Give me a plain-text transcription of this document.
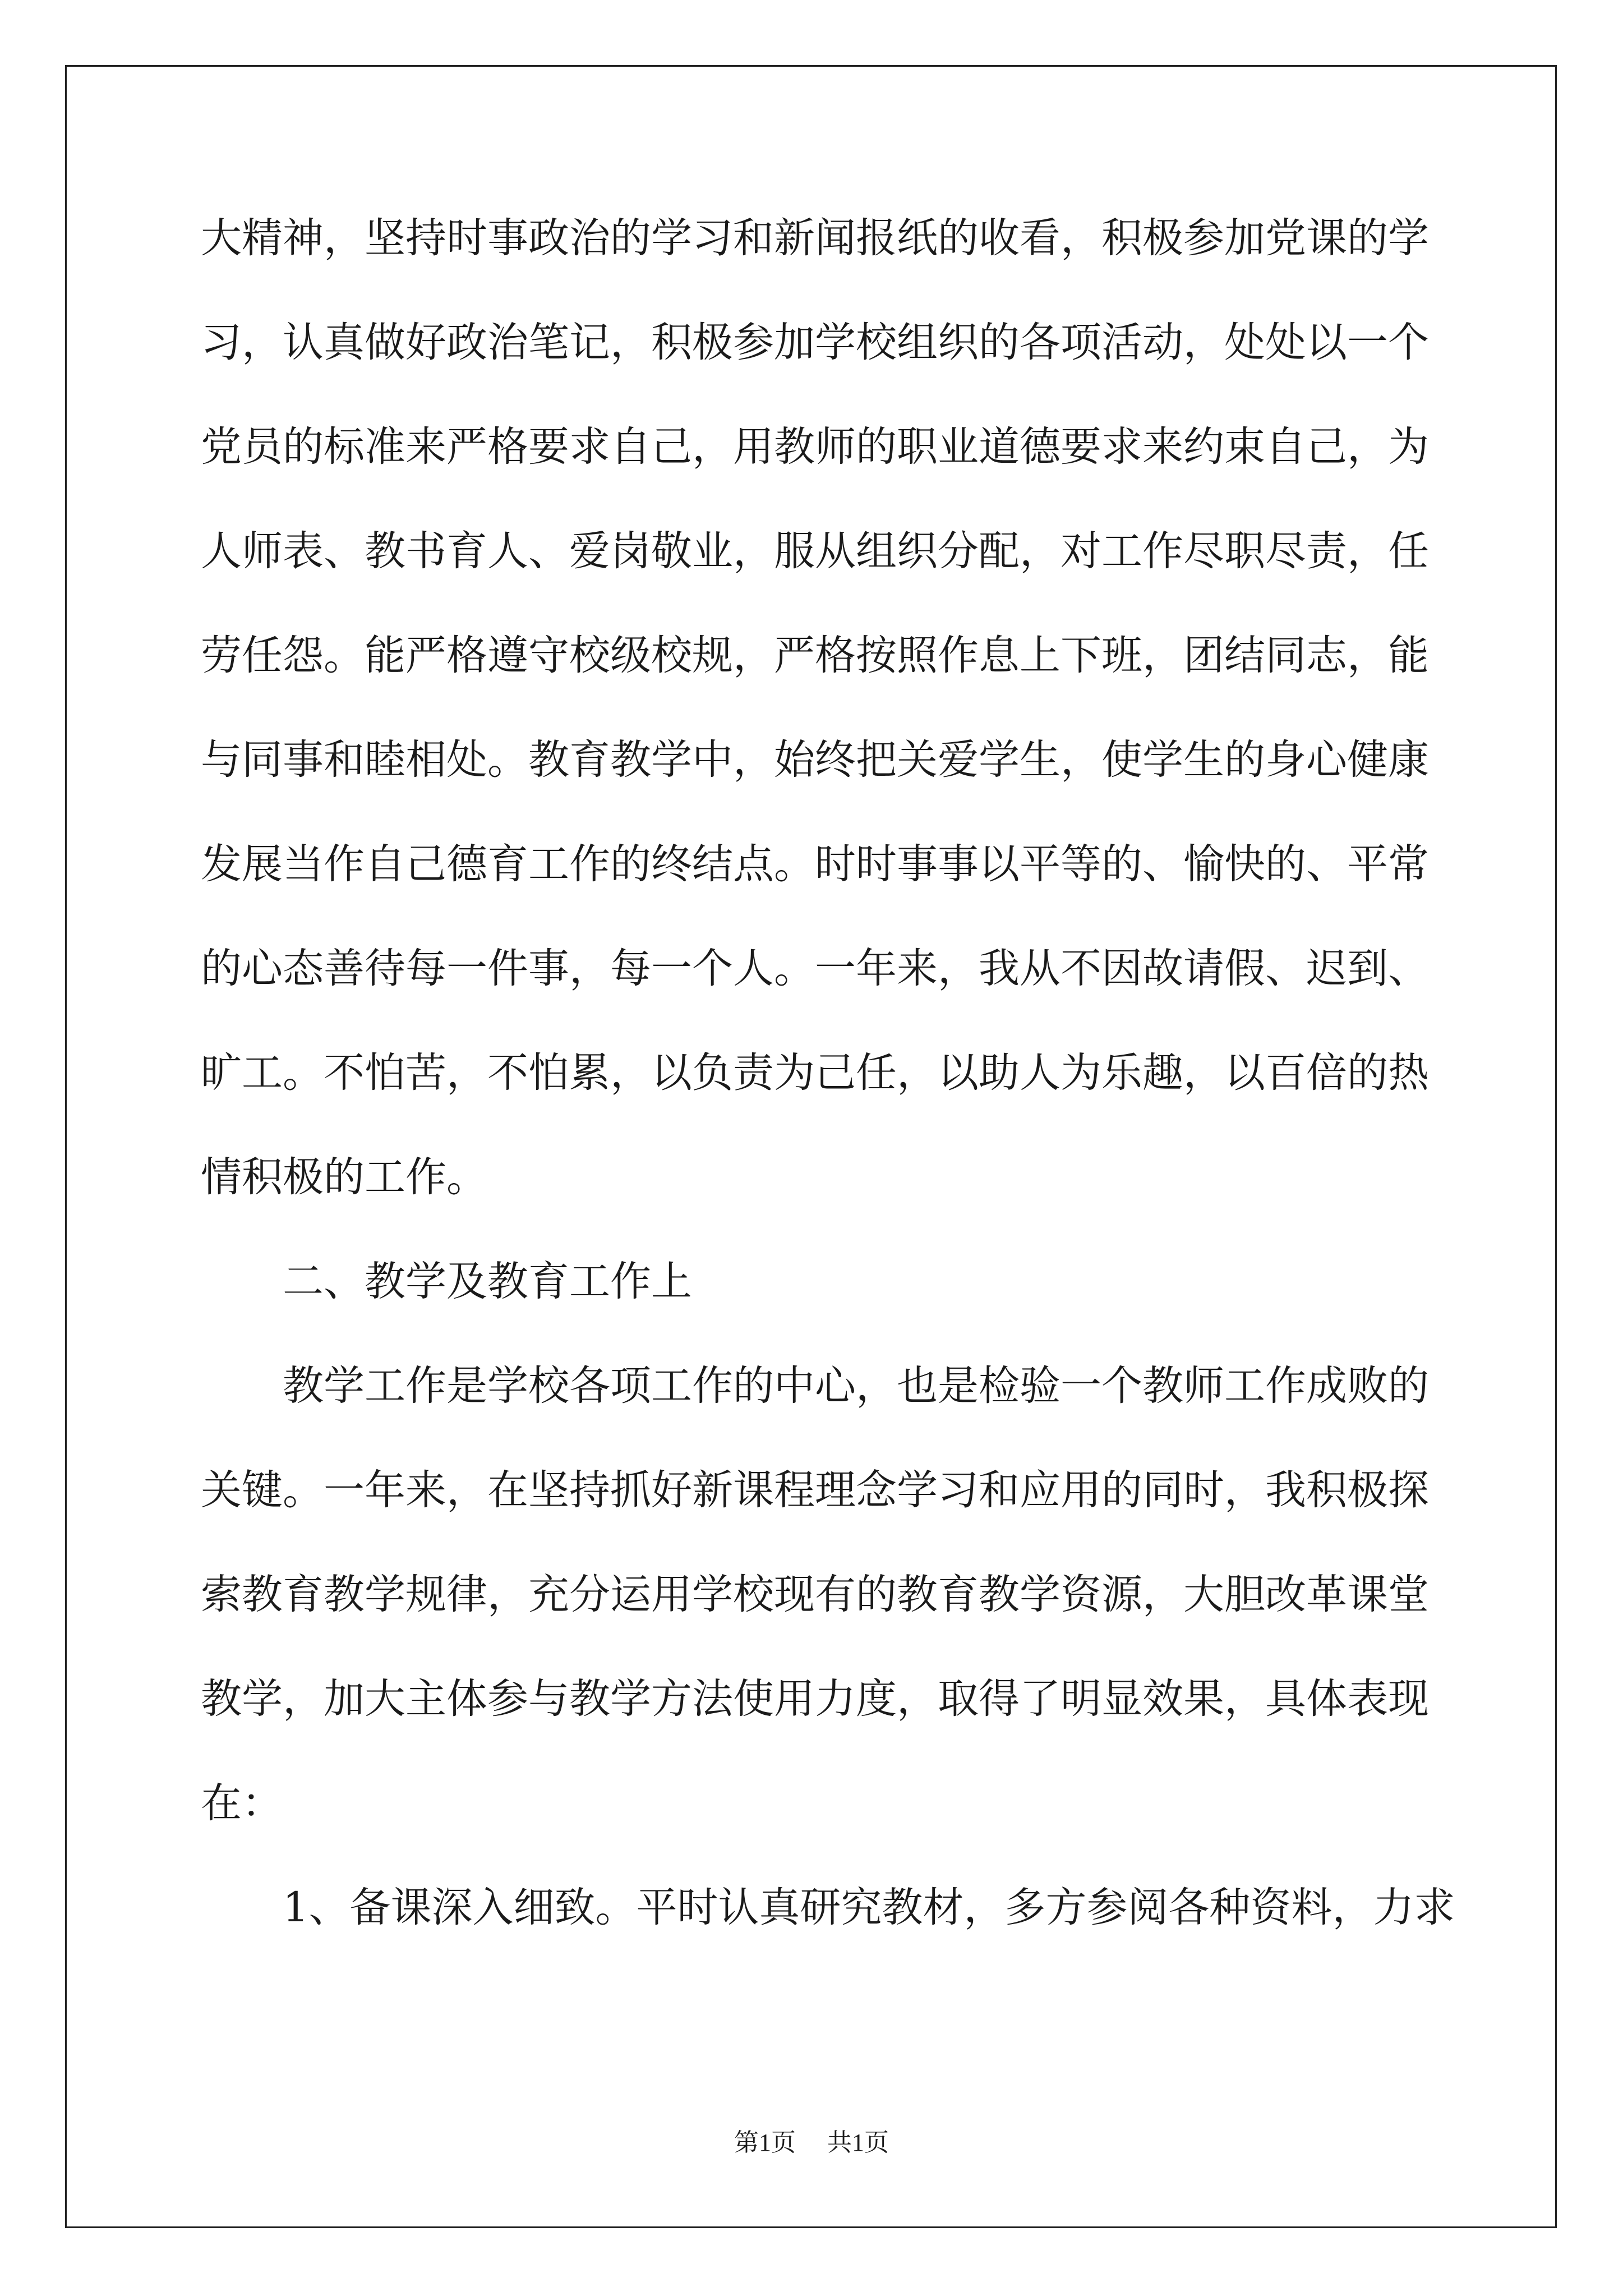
大精神，坚持时事政治的学习和新闻报纸的收看，积极参加党课的学
习，认真做好政治笔记，积极参加学校组织的各项活动，处处以一个
党员的标准来严格要求自己，用教师的职业道德要求来约束自己，为
人师表、教书育人、爱岗敬业，服从组织分配，对工作尽职尽责，任
劳任怨。能严格遵守校级校规，严格按照作息上下班，团结同志，能
与同事和睦相处。教育教学中，始终把关爱学生，使学生的身心健康
发展当作自己德育工作的终结点。时时事事以平等的、愉快的、平常
的心态善待每一件事，每一个人。一年来，我从不因故请假、迟到、
旷工。不怕苦，不怕累，以负责为己任，以助人为乐趣，以百倍的热
情积极的工作。
二、教学及教育工作上
教学工作是学校各项工作的中心，也是检验一个教师工作成败的
关键。一年来，在坚持抓好新课程理念学习和应用的同时，我积极探
索教育教学规律，充分运用学校现有的教育教学资源，大胆改革课堂
教学，加大主体参与教学方法使用力度，取得了明显效果，具体表现
在：
1、备课深入细致。平时认真研究教材，多方参阅各种资料，力求
第1页 共1页
